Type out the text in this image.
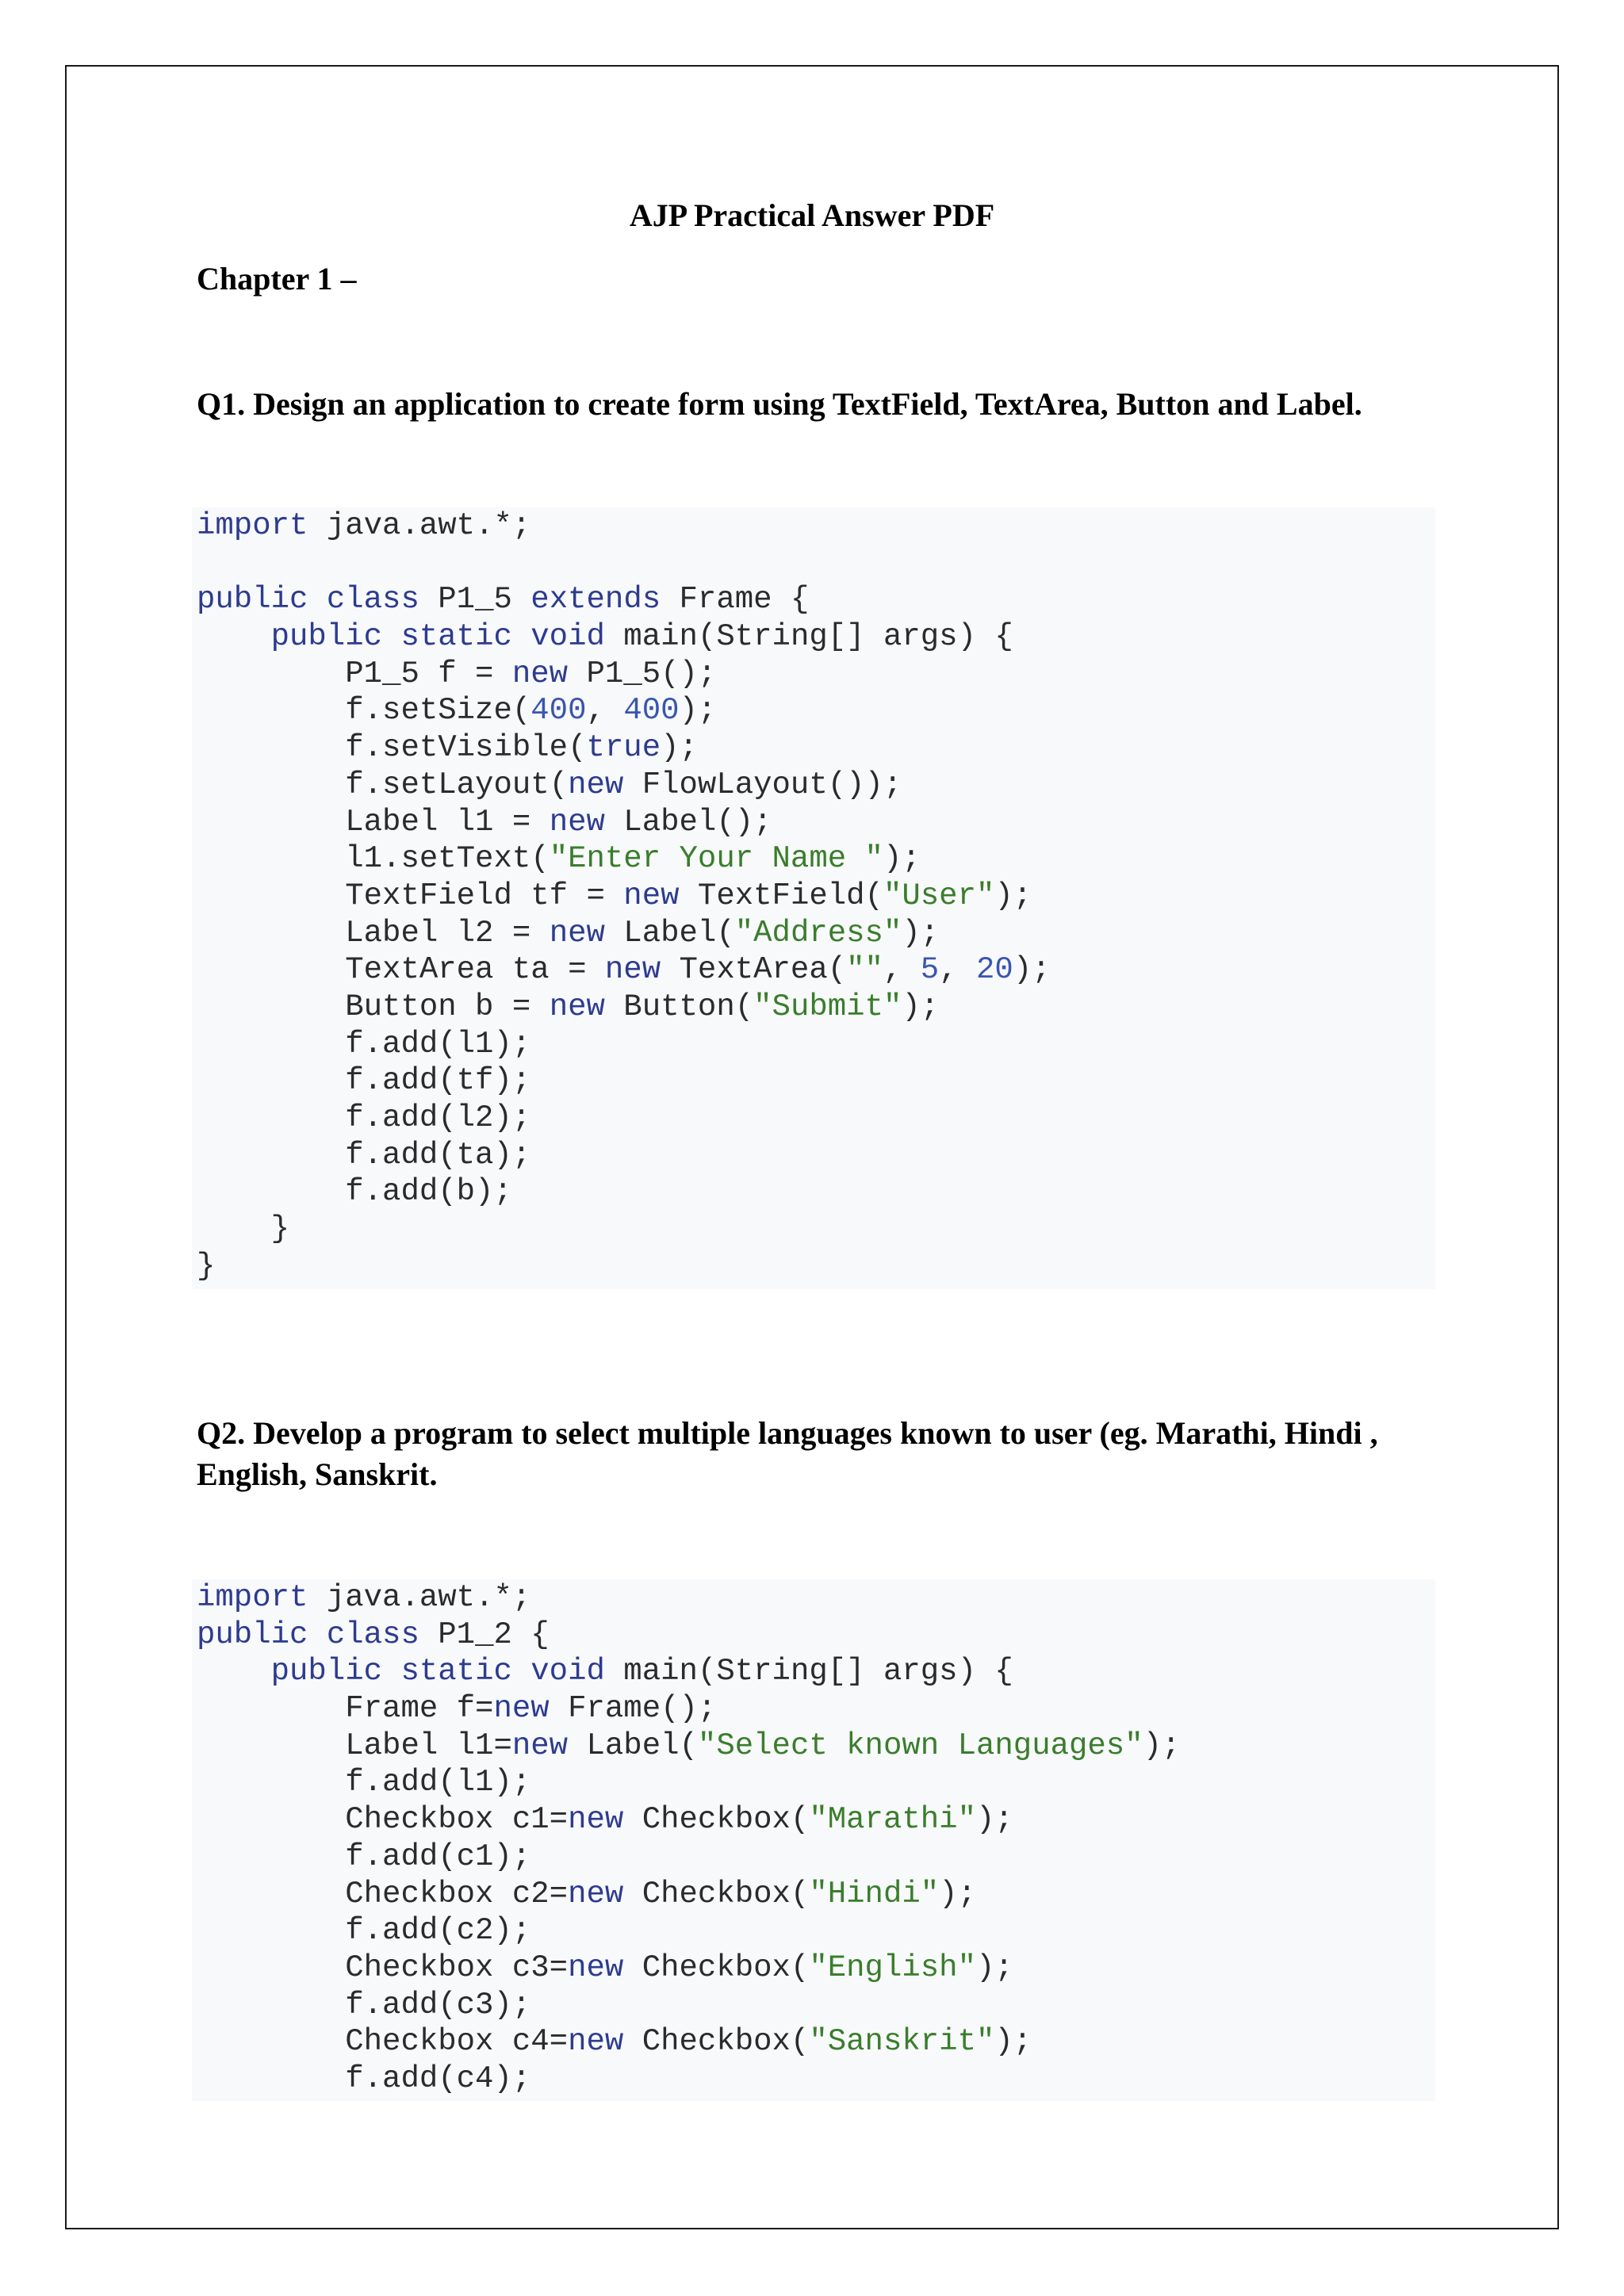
AJP Practical Answer PDF
Chapter 1 –

Q1. Design an application to create form using TextField, TextArea, Button and Label.

import java.awt.*;

public class P1_5 extends Frame {
public static void main(String[] args) {
P1_5 f = new P1_5();
f.setSize(400, 400);
f.setVisible(true);
f.setLayout(new FlowLayout());
Label l1 = new Label();
l1.setText("Enter Your Name ");
TextField tf = new TextField("User");
Label l2 = new Label("Address");
TextArea ta = new TextArea("", 5, 20);
Button b = new Button("Submit");
f.add(l1);
f.add(tf);
f.add(l2);
f.add(ta);
f.add(b);
}
}

Q2. Develop a program to select multiple languages known to user (eg. Marathi, Hindi , English, Sanskrit.

import java.awt.*;
public class P1_2 {
public static void main(String[] args) {
Frame f=new Frame();
Label l1=new Label("Select known Languages");
f.add(l1);
Checkbox c1=new Checkbox("Marathi");
f.add(c1);
Checkbox c2=new Checkbox("Hindi");
f.add(c2);
Checkbox c3=new Checkbox("English");
f.add(c3);
Checkbox c4=new Checkbox("Sanskrit");
f.add(c4);
